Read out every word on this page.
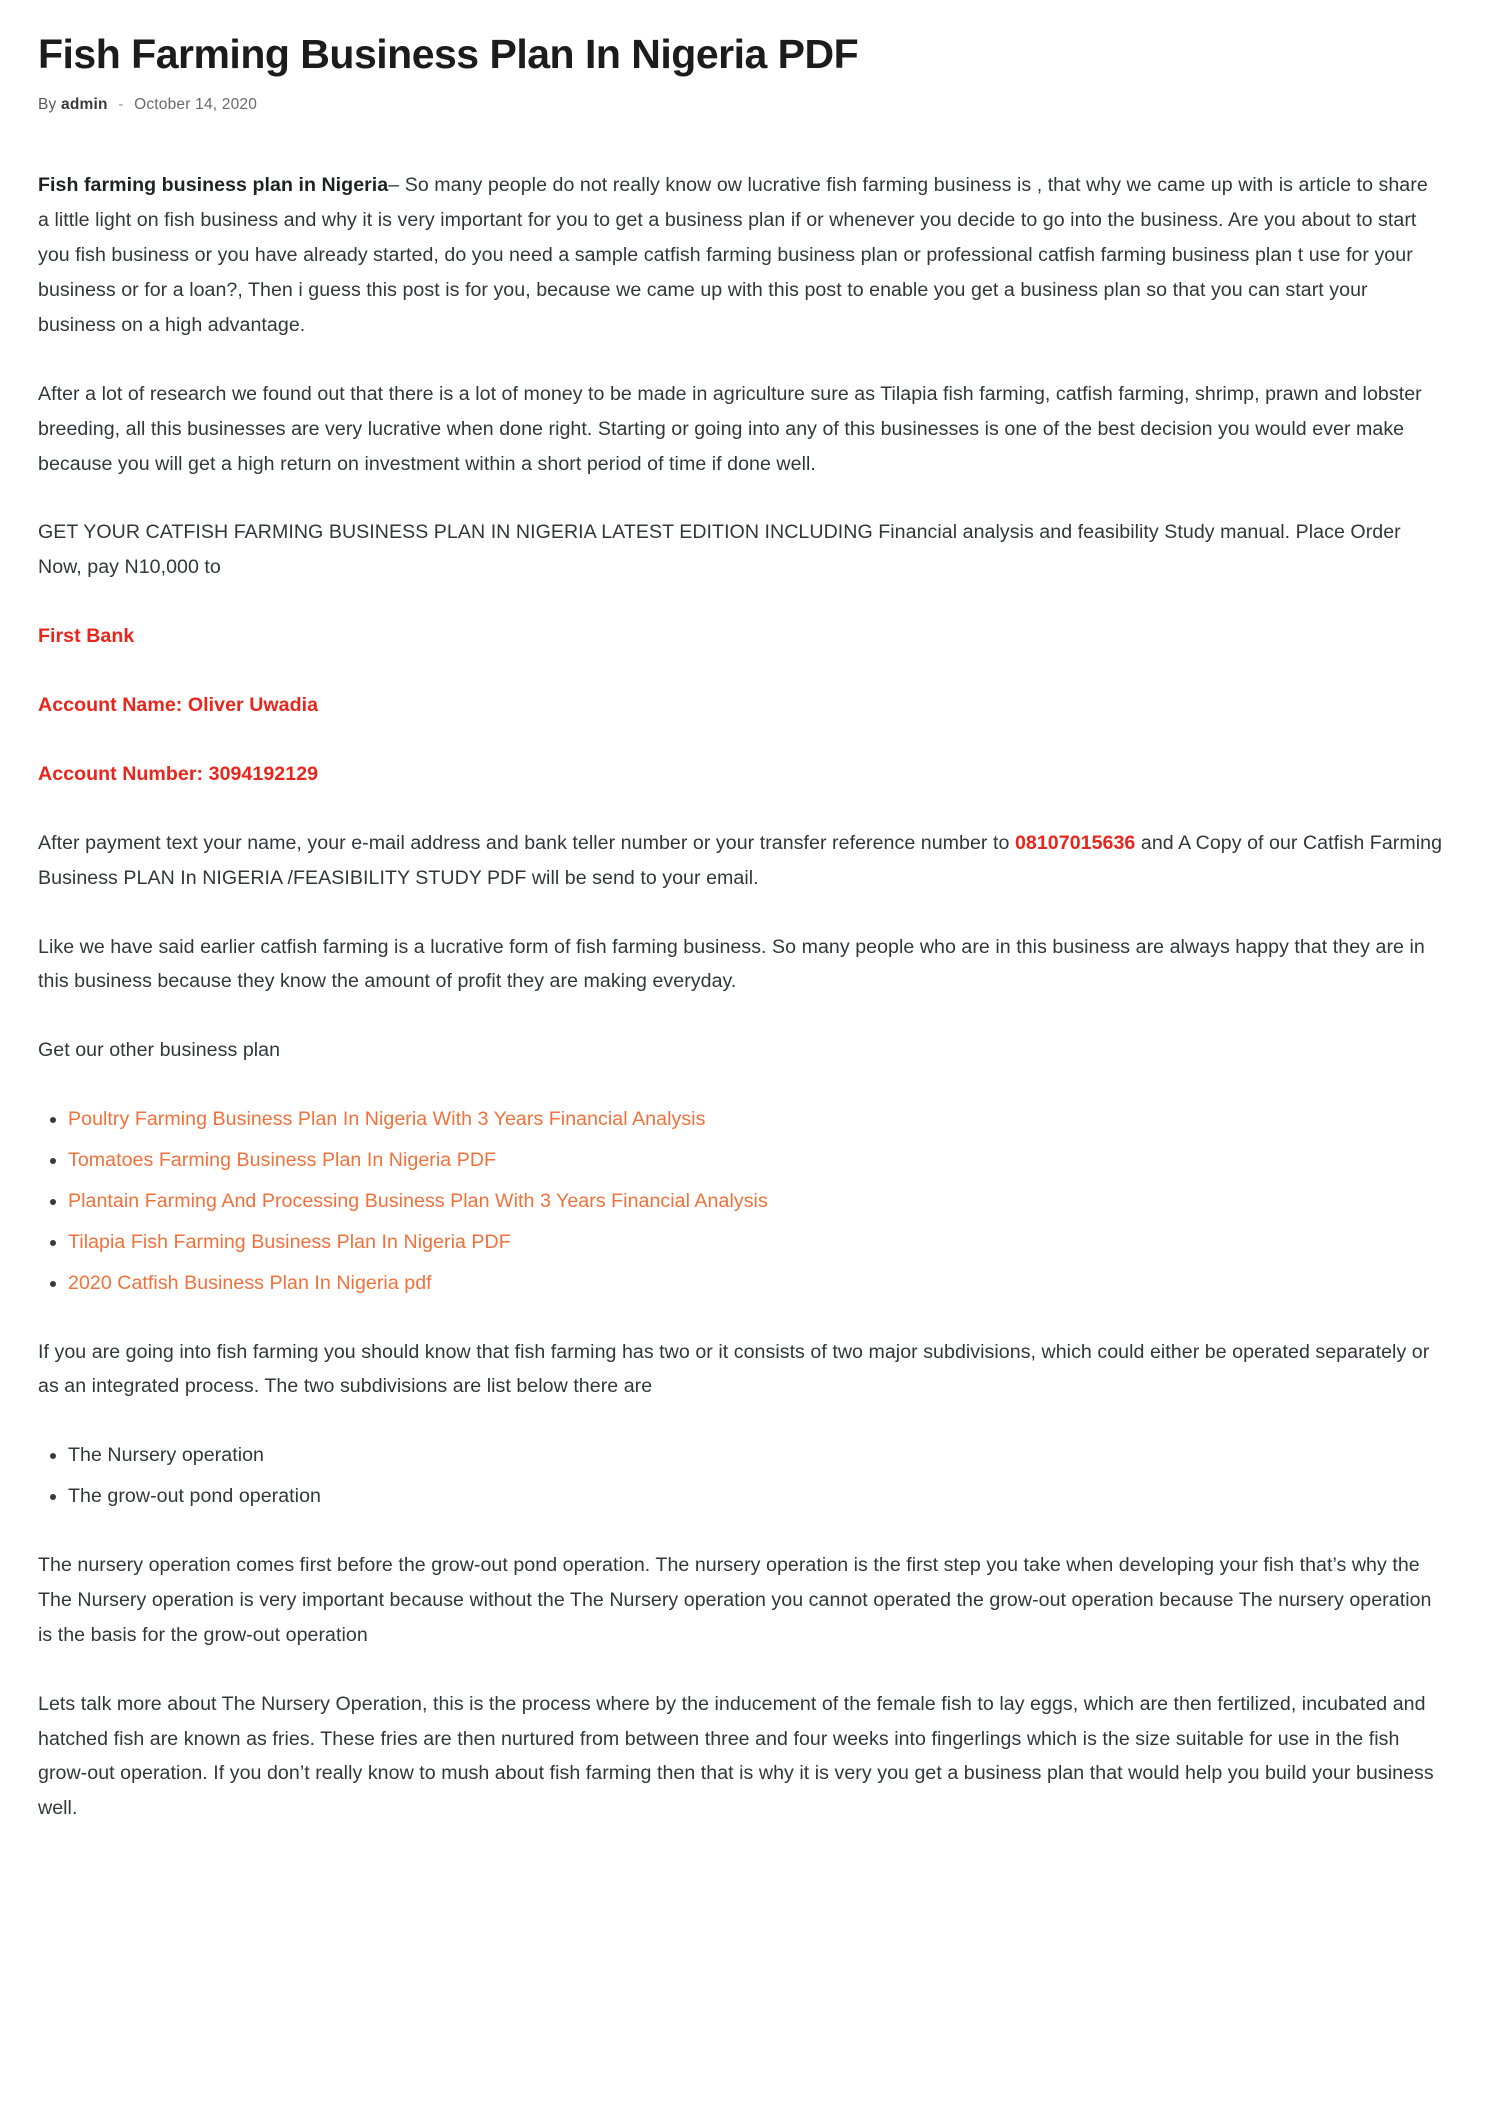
Fish Farming Business Plan In Nigeria PDF
By admin - October 14, 2020

Fish farming business plan in Nigeria– So many people do not really know ow lucrative fish farming business is , that why we came up with is article to share a little light on fish business and why it is very important for you to get a business plan if or whenever you decide to go into the business. Are you about to start you fish business or you have already started, do you need a sample catfish farming business plan or professional catfish farming business plan t use for your business or for a loan?, Then i guess this post is for you, because we came up with this post to enable you get a business plan so that you can start your business on a high advantage.

After a lot of research we found out that there is a lot of money to be made in agriculture sure as Tilapia fish farming, catfish farming, shrimp, prawn and lobster breeding, all this businesses are very lucrative when done right. Starting or going into any of this businesses is one of the best decision you would ever make because you will get a high return on investment within a short period of time if done well.

GET YOUR CATFISH FARMING BUSINESS PLAN IN NIGERIA LATEST EDITION INCLUDING Financial analysis and feasibility Study manual. Place Order Now, pay N10,000 to

First Bank

Account Name: Oliver Uwadia

Account Number: 3094192129

After payment text your name, your e-mail address and bank teller number or your transfer reference number to 08107015636 and A Copy of our Catfish Farming Business PLAN In NIGERIA /FEASIBILITY STUDY PDF will be send to your email.

Like we have said earlier catfish farming is a lucrative form of fish farming business. So many people who are in this business are always happy that they are in this business because they know the amount of profit they are making everyday.

Get our other business plan

• Poultry Farming Business Plan In Nigeria With 3 Years Financial Analysis
• Tomatoes Farming Business Plan In Nigeria PDF
• Plantain Farming And Processing Business Plan With 3 Years Financial Analysis
• Tilapia Fish Farming Business Plan In Nigeria PDF
• 2020 Catfish Business Plan In Nigeria pdf

If you are going into fish farming you should know that fish farming has two or it consists of two major subdivisions, which could either be operated separately or as an integrated process. The two subdivisions are list below there are

• The Nursery operation
• The grow-out pond operation

The nursery operation comes first before the grow-out pond operation. The nursery operation is the first step you take when developing your fish that’s why the The Nursery operation is very important because without the The Nursery operation you cannot operated the grow-out operation because The nursery operation is the basis for the grow-out operation

Lets talk more about The Nursery Operation, this is the process where by the inducement of the female fish to lay eggs, which are then fertilized, incubated and hatched fish are known as fries. These fries are then nurtured from between three and four weeks into fingerlings which is the size suitable for use in the fish grow-out operation. If you don’t really know to mush about fish farming then that is why it is very you get a business plan that would help you build your business well.
